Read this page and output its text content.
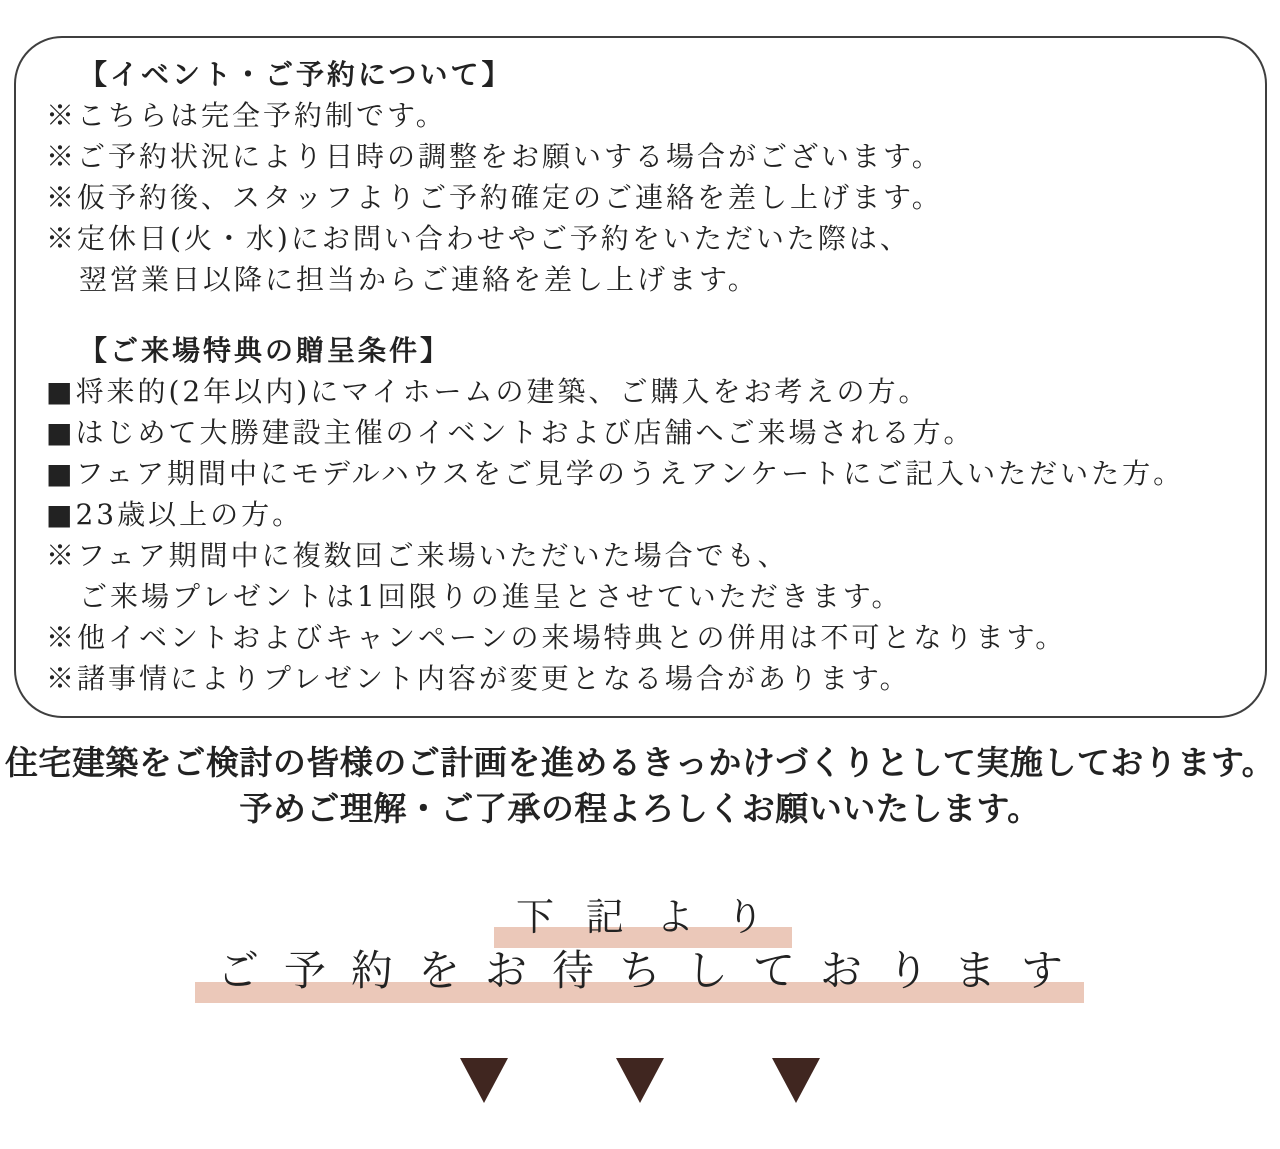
【イベント・ご予約について】
※こちらは完全予約制です。
※ご予約状況により日時の調整をお願いする場合がございます。
※仮予約後、スタッフよりご予約確定のご連絡を差し上げます。
※定休日(火・水)にお問い合わせやご予約をいただいた際は、
翌営業日以降に担当からご連絡を差し上げます。
【ご来場特典の贈呈条件】
■将来的(2年以内)にマイホームの建築、ご購入をお考えの方。
■はじめて大勝建設主催のイベントおよび店舗へご来場される方。
■フェア期間中にモデルハウスをご見学のうえアンケートにご記入いただいた方。
■23歳以上の方。
※フェア期間中に複数回ご来場いただいた場合でも、
ご来場プレゼントは1回限りの進呈とさせていただきます。
※他イベントおよびキャンペーンの来場特典との併用は不可となります。
※諸事情によりプレゼント内容が変更となる場合があります。
住宅建築をご検討の皆様のご計画を進めるきっかけづくりとして実施しております。
予めご理解・ご了承の程よろしくお願いいたします。
下記より
ご予約をお待ちしております
